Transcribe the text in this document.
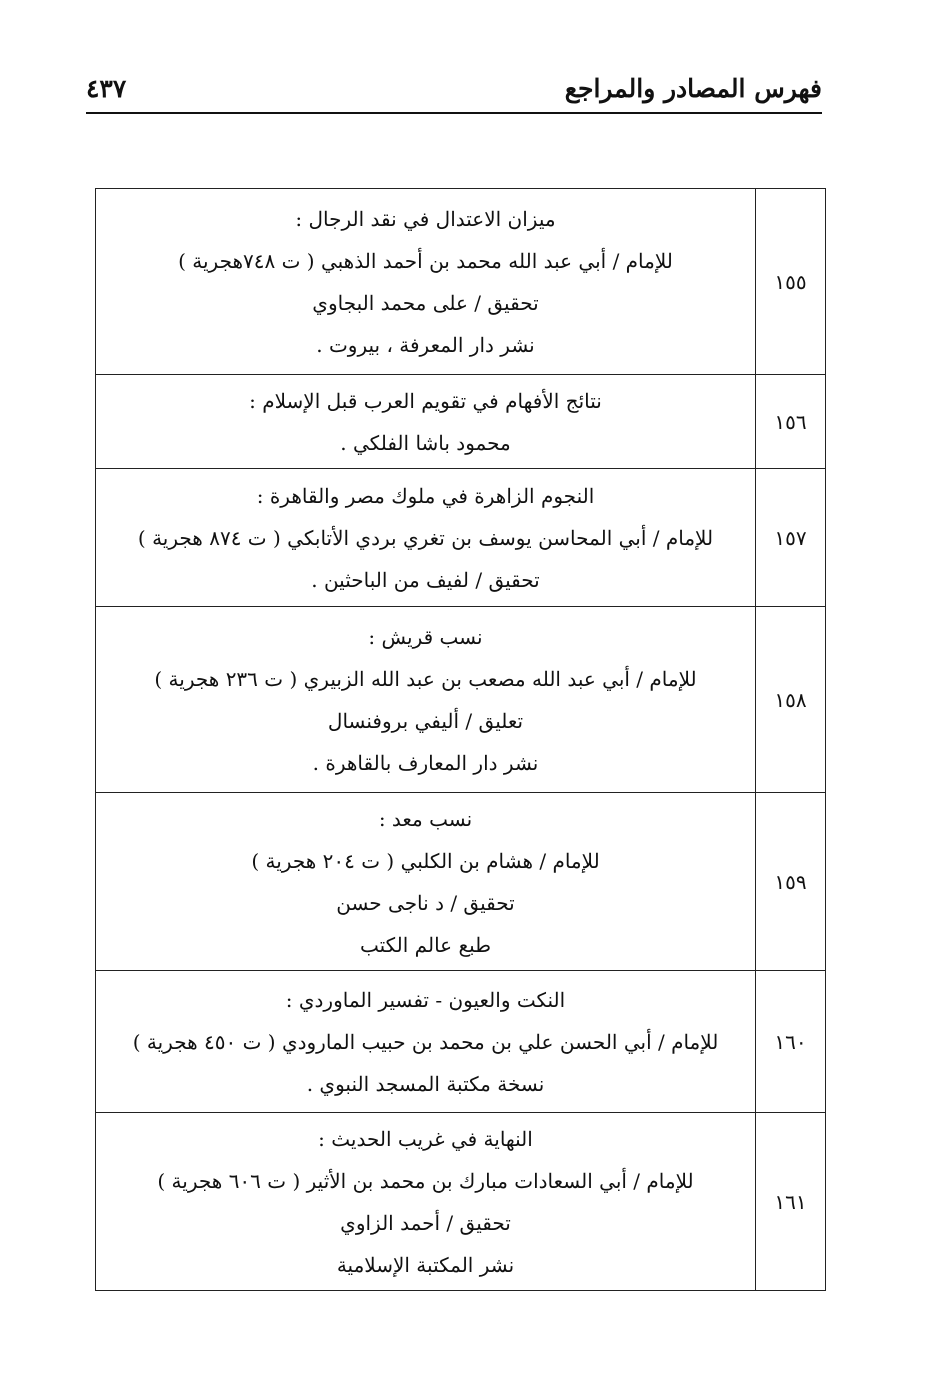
فهرس المصادر والمراجع
٤٣٧
١٥٥	ميزان الاعتدال في نقد الرجال :
للإمام / أبي عبد الله محمد بن أحمد الذهبي ( ت ٧٤٨هجرية )
تحقيق / على محمد البجاوي
نشر دار المعرفة ، بيروت .

١٥٦	نتائج الأفهام في تقويم العرب قبل الإسلام :
محمود باشا الفلكي .

١٥٧	النجوم الزاهرة في ملوك مصر والقاهرة :
للإمام / أبي المحاسن يوسف بن تغري بردي الأتابكي ( ت ٨٧٤ هجرية )
تحقيق / لفيف من الباحثين .

١٥٨	نسب قريش :
للإمام / أبي عبد الله مصعب بن عبد الله الزبيري ( ت ٢٣٦ هجرية )
تعليق / أليفي بروفنسال
نشر دار المعارف بالقاهرة .

١٥٩	نسب معد :
للإمام / هشام بن الكلبي ( ت ٢٠٤ هجرية )
تحقيق / د ناجى حسن
طبع عالم الكتب

١٦٠	النكت والعيون - تفسير الماوردي :
للإمام / أبي الحسن علي بن محمد بن حبيب المارودي ( ت ٤٥٠ هجرية )
نسخة مكتبة المسجد النبوي .

١٦١	النهاية في غريب الحديث :
للإمام / أبي السعادات مبارك بن محمد بن الأثير ( ت ٦٠٦ هجرية )
تحقيق / أحمد الزاوي
نشر المكتبة الإسلامية
